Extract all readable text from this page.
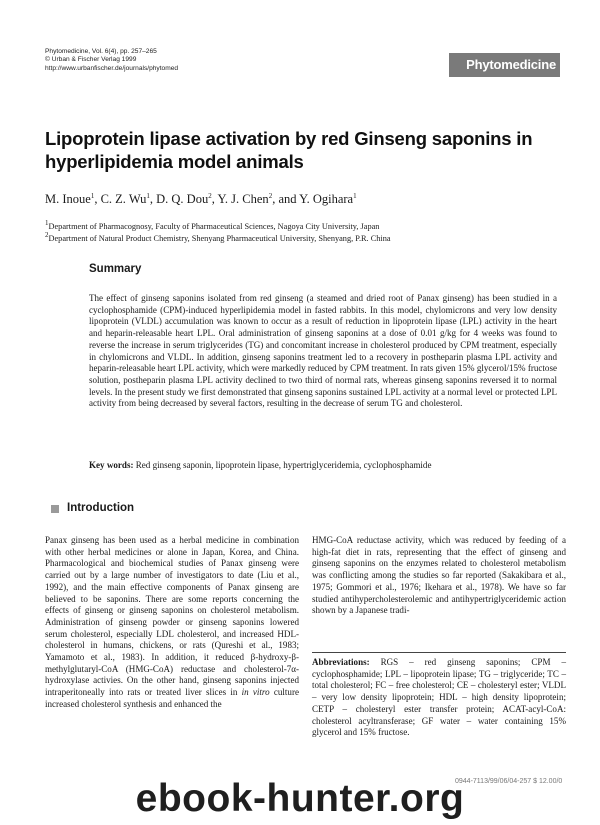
Phytomedicine, Vol. 6(4), pp. 257–265
© Urban & Fischer Verlag 1999
http://www.urbanfischer.de/journals/phytomed	Phytomedicine
Lipoprotein lipase activation by red Ginseng saponins in hyperlipidemia model animals
M. Inoue$^1$, C. Z. Wu$^1$, D. Q. Dou$^2$, Y. J. Chen$^2$, and Y. Ogihara$^1$
$^1$Department of Pharmacognosy, Faculty of Pharmaceutical Sciences, Nagoya City University, Japan
$^2$Department of Natural Product Chemistry, Shenyang Pharmaceutical University, Shenyang, P.R. China
Summary
The effect of ginseng saponins isolated from red ginseng (a steamed and dried root of Panax ginseng) has been studied in a cyclophosphamide (CPM)-induced hyperlipidemia model in fasted rabbits. In this model, chylomicrons and very low density lipoprotein (VLDL) accumulation was known to occur as a result of reduction in lipoprotein lipase (LPL) activity in the heart and heparin-releasable heart LPL. Oral administration of ginseng saponins at a dose of 0.01 g/kg for 4 weeks was found to reverse the increase in serum triglycerides (TG) and concomitant increase in cholesterol produced by CPM treatment, especially in chylomicrons and VLDL. In addition, ginseng saponins treatment led to a recovery in postheparin plasma LPL activity and heparin-releasable heart LPL activity, which were markedly reduced by CPM treatment. In rats given 15% glycerol/15% fructose solution, postheparin plasma LPL activity declined to two third of normal rats, whereas ginseng saponins reversed it to normal levels. In the present study we first demonstrated that ginseng saponins sustained LPL activity at a normal level or protected LPL activity from being decreased by several factors, resulting in the decrease of serum TG and cholesterol.
Key words: Red ginseng saponin, lipoprotein lipase, hypertriglyceridemia, cyclophosphamide
Introduction
Panax ginseng has been used as a herbal medicine in combination with other herbal medicines or alone in Japan, Korea, and China. Pharmacological and biochemical studies of Panax ginseng were carried out by a large number of investigators to date (Liu et al., 1992), and the main effective components of Panax ginseng are believed to be saponins. There are some reports concerning the effects of ginseng or ginseng saponins on cholesterol metabolism. Administration of ginseng powder or ginseng saponins lowered serum cholesterol, especially LDL cholesterol, and increased HDL-cholesterol in humans, chickens, or rats (Qureshi et al., 1983; Yamamoto et al., 1983). In addition, it reduced β-hydroxy-β-methylglutaryl-CoA (HMG-CoA) reductase and cholesterol-7α-hydroxylase activies. On the other hand, ginseng saponins injected intraperitoneally into rats or treated liver slices in in vitro culture increased cholesterol synthesis and enhanced the
HMG-CoA reductase activity, which was reduced by feeding of a high-fat diet in rats, representing that the effect of ginseng and ginseng saponins on the enzymes related to cholesterol metabolism was conflicting among the studies so far reported (Sakakibara et al., 1975; Gommori et al., 1976; Ikehara et al., 1978). We have so far studied antihypercholesterolemic and antihypertriglyceridemic action shown by a Japanese tradi-
Abbreviations: RGS – red ginseng saponins; CPM – cyclophosphamide; LPL – lipoprotein lipase; TG – triglyceride; TC – total cholesterol; FC – free cholesterol; CE – cholesteryl ester; VLDL – very low density lipoprotein; HDL – high density lipoprotein; CETP – cholesteryl ester transfer protein; ACAT-acyl-CoA: cholesterol acyltransferase; GF water – water containing 15% glycerol and 15% fructose.
0944-7113/99/06/04-257 $ 12.00/0
ebook-hunter.org
